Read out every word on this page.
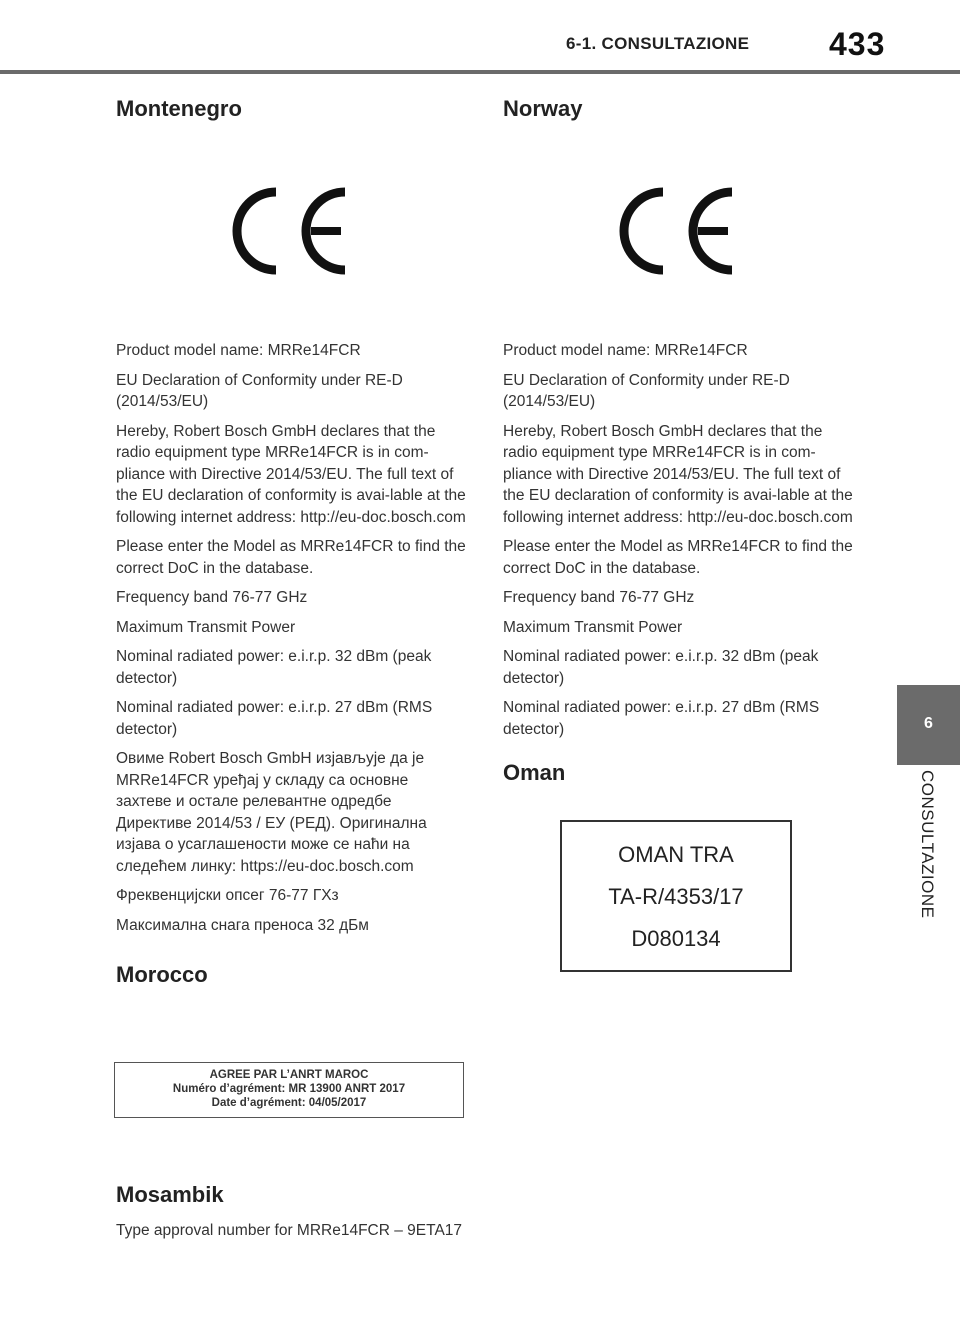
6-1. CONSULTAZIONE 433
6
CONSULTAZIONE
Montenegro

Product model name: MRRe14FCR

EU Declaration of Conformity under RE-D (2014/53/EU)

Hereby, Robert Bosch GmbH declares that the radio equipment type MRRe14FCR is in com-pliance with Directive 2014/53/EU. The full text of the EU declaration of conformity is avai-lable at the following internet address: http://eu-doc.bosch.com

Please enter the Model as MRRe14FCR to find the correct DoC in the database.

Frequency band 76-77 GHz

Maximum Transmit Power

Nominal radiated power: e.i.r.p. 32 dBm (peak detector)

Nominal radiated power: e.i.r.p. 27 dBm (RMS detector)

Овиме Robert Bosch GmbH изјављује да је MRRe14FCR уређај у складу са основне захтеве и остале релевантне одредбе Директиве 2014/53 / ЕУ (РЕД). Оригинална изјава о усаглашености може се наћи на следећем линку: https://eu-doc.bosch.com

Фреквенцијски опсег 76-77 ГХз

Максимална снага преноса 32 дБм

Morocco
AGREE PAR L’ANRT MAROC
Numéro d’agrément: MR 13900 ANRT 2017
Date d’agrément: 04/05/2017
Mosambik

Type approval number for MRRe14FCR – 9ETA17

Norway

Product model name: MRRe14FCR

EU Declaration of Conformity under RE-D (2014/53/EU)

Hereby, Robert Bosch GmbH declares that the radio equipment type MRRe14FCR is in com-pliance with Directive 2014/53/EU. The full text of the EU declaration of conformity is avai-lable at the following internet address: http://eu-doc.bosch.com

Please enter the Model as MRRe14FCR to find the correct DoC in the database.

Frequency band 76-77 GHz

Maximum Transmit Power

Nominal radiated power: e.i.r.p. 32 dBm (peak detector)

Nominal radiated power: e.i.r.p. 27 dBm (RMS detector)

Oman
OMAN TRA
TA-R/4353/17
D080134
